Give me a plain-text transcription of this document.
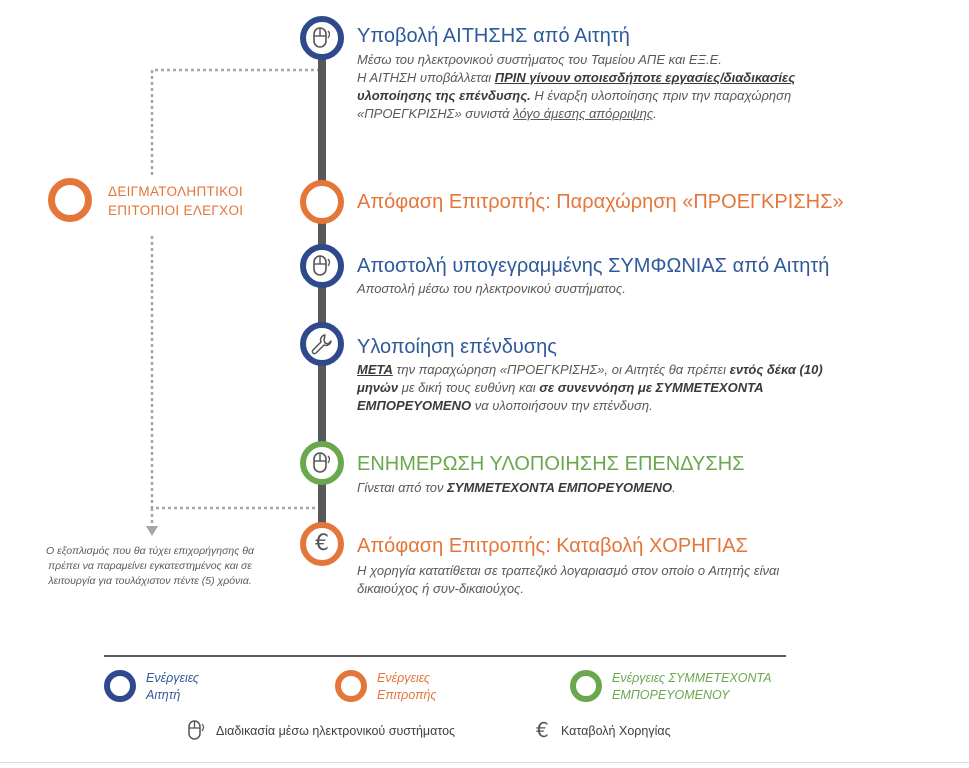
ΔΕΙΓΜΑΤΟΛΗΠΤΙΚΟΙ
ΕΠΙΤΟΠΙΟΙ ΕΛΕΓΧΟΙ
Ο εξοπλισμός που θα τύχει επιχορήγησης θα πρέπει να παραμείνει εγκατεστημένος και σε λειτουργία για τουλάχιστον πέντε (5) χρόνια.
Υποβολή ΑΙΤΗΣΗΣ από Αιτητή
Μέσω του ηλεκτρονικού συστήματος του Ταμείου ΑΠΕ και ΕΞ.Ε.
Η ΑΙΤΗΣΗ υποβάλλεται ΠΡΙΝ γίνουν οποιεσδήποτε εργασίες/διαδικασίες υλοποίησης της επένδυσης. Η έναρξη υλοποίησης πριν την παραχώρηση «ΠΡΟΕΓΚΡΙΣΗΣ» συνιστά λόγο άμεσης απόρριψης.
Απόφαση Επιτροπής: Παραχώρηση «ΠΡΟΕΓΚΡΙΣΗΣ»
Αποστολή υπογεγραμμένης ΣΥΜΦΩΝΙΑΣ από Αιτητή
Αποστολή μέσω του ηλεκτρονικού συστήματος.
Υλοποίηση επένδυσης
ΜΕΤΑ την παραχώρηση «ΠΡΟΕΓΚΡΙΣΗΣ», οι Αιτητές θα πρέπει εντός δέκα (10) μηνών με δική τους ευθύνη και σε συνεννόηση με ΣΥΜΜΕΤΕΧΟΝΤΑ ΕΜΠΟΡΕΥΟΜΕΝΟ να υλοποιήσουν την επένδυση.
ΕΝΗΜΕΡΩΣΗ ΥΛΟΠΟΙΗΣΗΣ ΕΠΕΝΔΥΣΗΣ
Γίνεται από τον ΣΥΜΜΕΤΕΧΟΝΤΑ ΕΜΠΟΡΕΥΟΜΕΝΟ.
€ Απόφαση Επιτροπής: Καταβολή ΧΟΡΗΓΙΑΣ
Η χορηγία κατατίθεται σε τραπεζικό λογαριασμό στον οποίο ο Αιτητής είναι δικαιούχος ή συν-δικαιούχος.
Ενέργειες
Αιτητή
Ενέργειες
Επιτροπής
Ενέργειες ΣΥΜΜΕΤΕΧΟΝΤΑ
ΕΜΠΟΡΕΥΟΜΕΝΟΥ
Διαδικασία μέσω ηλεκτρονικού συστήματος	€ Καταβολή Χορηγίας
